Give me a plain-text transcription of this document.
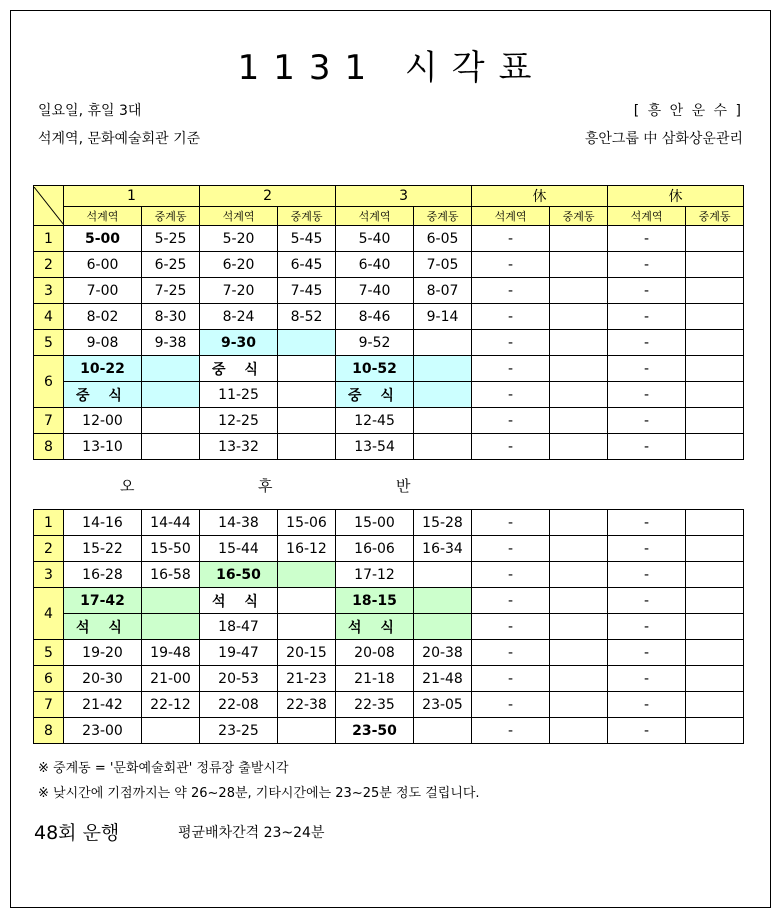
1131 시각표
일요일, 휴일 3대
석계역, 문화예술회관 기준
[ 흥 안 운 수 ]
흥안그룹 中 삼화상운관리
	1		2		3		休		休	
	석계역	중계동	석계역	중계동	석계역	중계동	석계역	중계동	석계역	중계동
1	5-00	5-25	5-20	5-45	5-40	6-05	-		-	
2	6-00	6-25	6-20	6-45	6-40	7-05	-		-	
3	7-00	7-25	7-20	7-45	7-40	8-07	-		-	
4	8-02	8-30	8-24	8-52	8-46	9-14	-		-	
5	9-08	9-38	9-30		9-52		-		-	
6	10-22		중 식		10-52		-		-	
	중 식		11-25		중 식		-		-	
7	12-00		12-25		12-45		-		-	
8	13-10		13-32		13-54		-		-	
오	후	반
1	14-16	14-44	14-38	15-06	15-00	15-28	-		-	
2	15-22	15-50	15-44	16-12	16-06	16-34	-		-	
3	16-28	16-58	16-50		17-12		-		-	
4	17-42		석 식		18-15		-		-	
	석 식		18-47		석 식		-		-	
5	19-20	19-48	19-47	20-15	20-08	20-38	-		-	
6	20-30	21-00	20-53	21-23	21-18	21-48	-		-	
7	21-42	22-12	22-08	22-38	22-35	23-05	-		-	
8	23-00		23-25		23-50		-		-	
※ 중계동 = '문화예술회관' 정류장 출발시각
※ 낮시간에 기점까지는 약 26~28분, 기타시간에는 23~25분 정도 걸립니다.
48회 운행	평균배차간격 23~24분
